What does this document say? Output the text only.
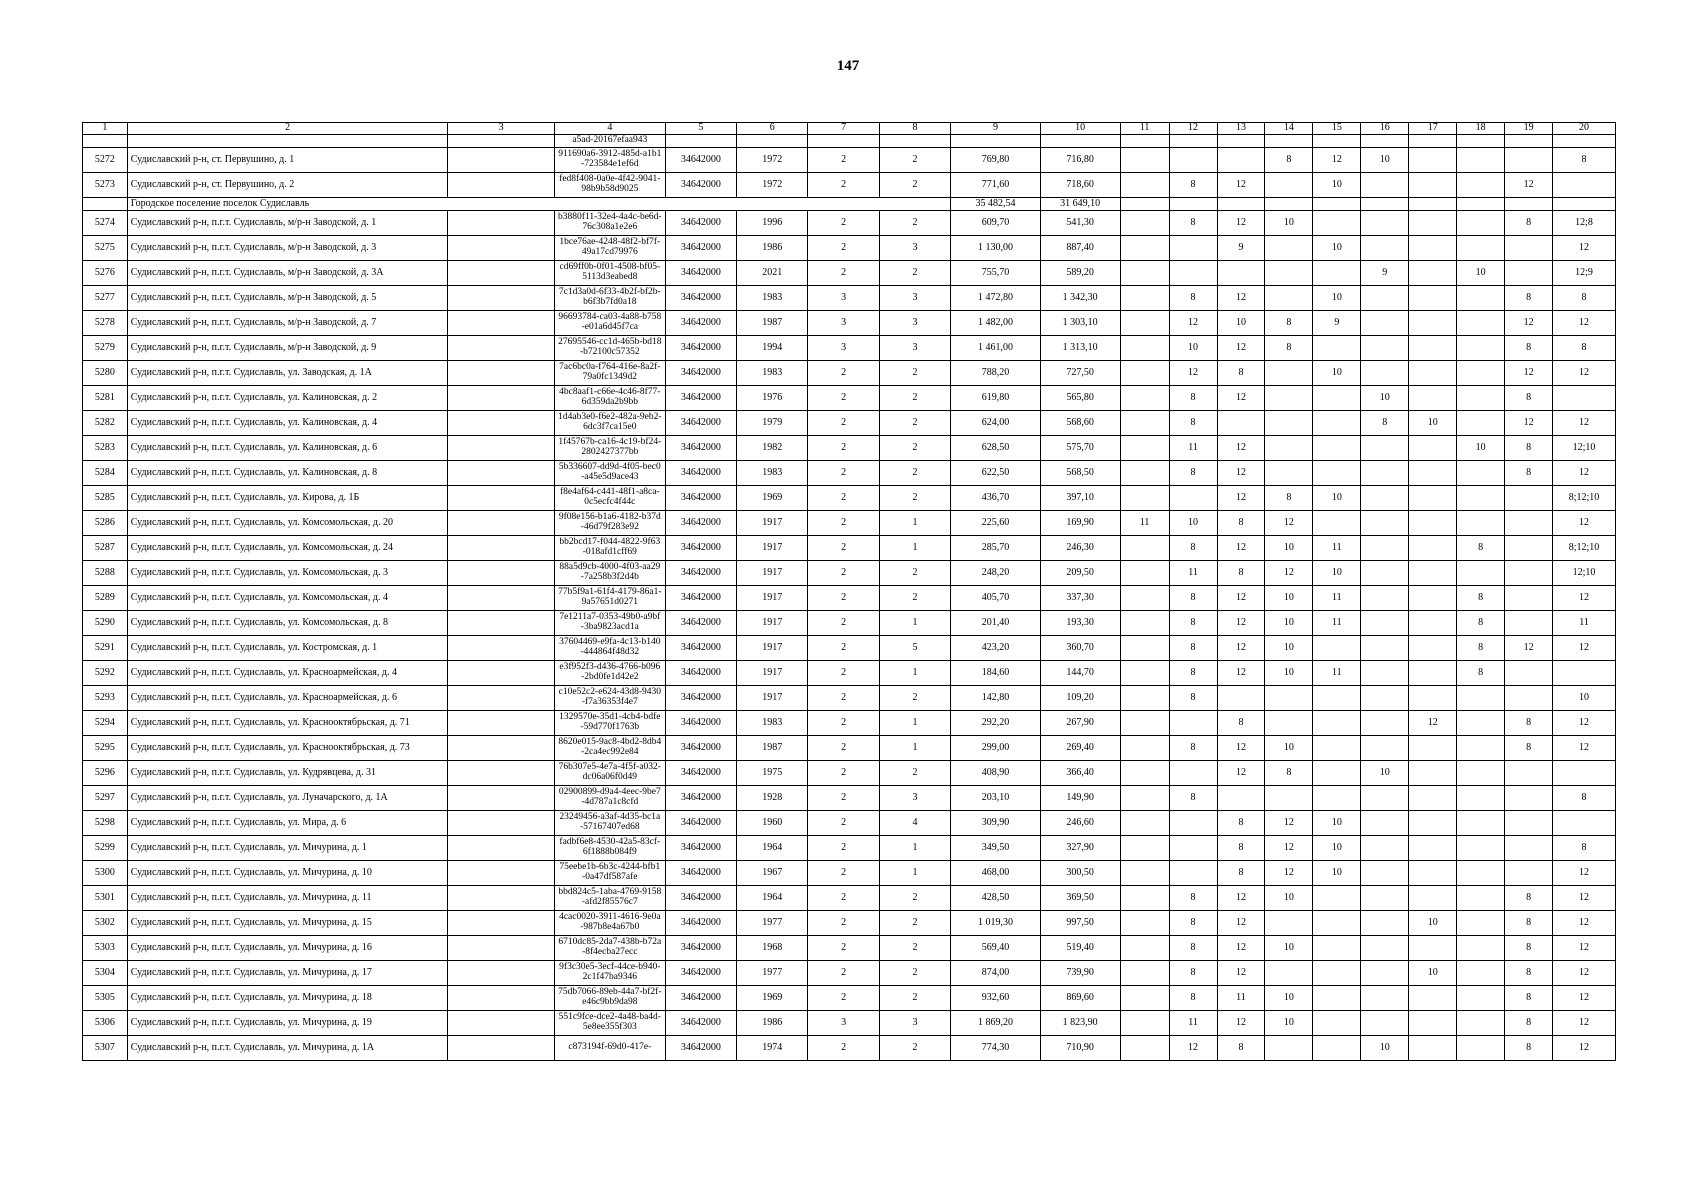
147
1	2	3	4	5	6	7	8	9	10	11	12	13	14	15	16	17	18	19	20
			a5ad-20167efaa943																
5272	Судиславский р-н, ст. Первушино, д. 1		911690a6-3912-485d-a1b1-723584e1ef6d	34642000	1972	2	2	769,80	716,80				8	12	10				8
5273	Судиславский р-н, ст. Первушино, д. 2		fed8f408-0a0e-4f42-9041-98b9b58d9025	34642000	1972	2	2	771,60	718,60		8	12		10				12	
	Городское поселение поселок Судиславль							35 482,54	31 649,10										
5274	Судиславский р-н, п.г.т. Судиславль, м/р-н Заводской, д. 1		b3880f11-32e4-4a4c-be6d-76c308a1e2e6	34642000	1996	2	2	609,70	541,30		8	12	10					8	12;8
5275	Судиславский р-н, п.г.т. Судиславль, м/р-н Заводской, д. 3		1bce76ae-4248-48f2-bf7f-49a17cd79976	34642000	1986	2	3	1 130,00	887,40			9		10					12
5276	Судиславский р-н, п.г.т. Судиславль, м/р-н Заводской, д. 3А		cd69ff0b-0f01-4508-bf05-5113d3eabed8	34642000	2021	2	2	755,70	589,20						9		10		12;9
5277	Судиславский р-н, п.г.т. Судиславль, м/р-н Заводской, д. 5		7c1d3a0d-6f33-4b2f-bf2b-b6f3b7fd0a18	34642000	1983	3	3	1 472,80	1 342,30		8	12		10				8	8
5278	Судиславский р-н, п.г.т. Судиславль, м/р-н Заводской, д. 7		96693784-ca03-4a88-b758-e01a6d45f7ca	34642000	1987	3	3	1 482,00	1 303,10		12	10	8	9				12	12
5279	Судиславский р-н, п.г.т. Судиславль, м/р-н Заводской, д. 9		27695546-cc1d-465b-bd18-b72100c57352	34642000	1994	3	3	1 461,00	1 313,10		10	12	8					8	8
5280	Судиславский р-н, п.г.т. Судиславль, ул. Заводская, д. 1А		7ac6bc0a-f764-416e-8a2f-79a0fc1349d2	34642000	1983	2	2	788,20	727,50		12	8		10				12	12
5281	Судиславский р-н, п.г.т. Судиславль, ул. Калиновская, д. 2		4bc8aaf1-c66e-4c46-8f77-6d359da2b9bb	34642000	1976	2	2	619,80	565,80		8	12			10			8	
5282	Судиславский р-н, п.г.т. Судиславль, ул. Калиновская, д. 4		1d4ab3e0-f6e2-482a-9eb2-6dc3f7ca15e0	34642000	1979	2	2	624,00	568,60		8				8	10		12	12
5283	Судиславский р-н, п.г.т. Судиславль, ул. Калиновская, д. 6		1f45767b-ca16-4c19-bf24-2802427377bb	34642000	1982	2	2	628,50	575,70		11	12					10	8	12;10
5284	Судиславский р-н, п.г.т. Судиславль, ул. Калиновская, д. 8		5b336607-dd9d-4f05-bec0-a45e5d9ace43	34642000	1983	2	2	622,50	568,50		8	12						8	12
5285	Судиславский р-н, п.г.т. Судиславль, ул. Кирова, д. 1Б		f8e4af64-c441-48f1-a8ca-0c5ecfc4f44c	34642000	1969	2	2	436,70	397,10			12	8	10					8;12;10
5286	Судиславский р-н, п.г.т. Судиславль, ул. Комсомольская, д. 20		9f08e156-b1a6-4182-b37d-46d79f283e92	34642000	1917	2	1	225,60	169,90	11	10	8	12						12
5287	Судиславский р-н, п.г.т. Судиславль, ул. Комсомольская, д. 24		bb2bcd17-f044-4822-9f63-018afd1cff69	34642000	1917	2	1	285,70	246,30		8	12	10	11			8		8;12;10
5288	Судиславский р-н, п.г.т. Судиславль, ул. Комсомольская, д. 3		88a5d9cb-4000-4f03-aa29-7a258b3f2d4b	34642000	1917	2	2	248,20	209,50		11	8	12	10					12;10
5289	Судиславский р-н, п.г.т. Судиславль, ул. Комсомольская, д. 4		77b5f9a1-61f4-4179-86a1-9a57651d0271	34642000	1917	2	2	405,70	337,30		8	12	10	11			8		12
5290	Судиславский р-н, п.г.т. Судиславль, ул. Комсомольская, д. 8		7e1211a7-0353-49b0-a9bf-3ba9823acd1a	34642000	1917	2	1	201,40	193,30		8	12	10	11			8		11
5291	Судиславский р-н, п.г.т. Судиславль, ул. Костромская, д. 1		37604469-e9fa-4c13-b140-444864f48d32	34642000	1917	2	5	423,20	360,70		8	12	10				8	12	12
5292	Судиславский р-н, п.г.т. Судиславль, ул. Красноармейская, д. 4		e3f952f3-d436-4766-b096-2bd0fe1d42e2	34642000	1917	2	1	184,60	144,70		8	12	10	11			8		
5293	Судиславский р-н, п.г.т. Судиславль, ул. Красноармейская, д. 6		c10e52c2-e624-43d8-9430-f7a36353f4e7	34642000	1917	2	2	142,80	109,20		8								10
5294	Судиславский р-н, п.г.т. Судиславль, ул. Краснооктябрьская, д. 71		1329570e-35d1-4cb4-bdfe-59d770f1763b	34642000	1983	2	1	292,20	267,90			8				12		8	12
5295	Судиславский р-н, п.г.т. Судиславль, ул. Краснооктябрьская, д. 73		8620e015-9ac8-4bd2-8db4-2ca4ec992e84	34642000	1987	2	1	299,00	269,40		8	12	10					8	12
5296	Судиславский р-н, п.г.т. Судиславль, ул. Кудрявцева, д. 31		76b307e5-4e7a-4f5f-a032-dc06a06f0d49	34642000	1975	2	2	408,90	366,40			12	8		10				
5297	Судиславский р-н, п.г.т. Судиславль, ул. Луначарского, д. 1А		02900899-d9a4-4eec-9be7-4d787a1c8cfd	34642000	1928	2	3	203,10	149,90		8								8
5298	Судиславский р-н, п.г.т. Судиславль, ул. Мира, д. 6		23249456-a3af-4d35-bc1a-57167407ed68	34642000	1960	2	4	309,90	246,60			8	12	10					
5299	Судиславский р-н, п.г.т. Судиславль, ул. Мичурина, д. 1		fadbf6e8-4530-42a5-83cf-6f1888b084f9	34642000	1964	2	1	349,50	327,90			8	12	10					8
5300	Судиславский р-н, п.г.т. Судиславль, ул. Мичурина, д. 10		75eebe1b-6b3c-4244-bfb1-0a47df587afe	34642000	1967	2	1	468,00	300,50			8	12	10					12
5301	Судиславский р-н, п.г.т. Судиславль, ул. Мичурина, д. 11		bbd824c5-1aba-4769-9158-afd2f85576c7	34642000	1964	2	2	428,50	369,50		8	12	10					8	12
5302	Судиславский р-н, п.г.т. Судиславль, ул. Мичурина, д. 15		4cac0020-3911-4616-9e0a-987b8e4a67b0	34642000	1977	2	2	1 019,30	997,50		8	12				10		8	12
5303	Судиславский р-н, п.г.т. Судиславль, ул. Мичурина, д. 16		6710dc85-2da7-438b-b72a-8f4ecba27ecc	34642000	1968	2	2	569,40	519,40		8	12	10					8	12
5304	Судиславский р-н, п.г.т. Судиславль, ул. Мичурина, д. 17		9f3c30e5-3ecf-44ce-b940-2c1f47ba9346	34642000	1977	2	2	874,00	739,90		8	12				10		8	12
5305	Судиславский р-н, п.г.т. Судиславль, ул. Мичурина, д. 18		75db7066-89eb-44a7-bf2f-e46c9bb9da98	34642000	1969	2	2	932,60	869,60		8	11	10					8	12
5306	Судиславский р-н, п.г.т. Судиславль, ул. Мичурина, д. 19		551c9fce-dce2-4a48-ba4d-5e8ee355f303	34642000	1986	3	3	1 869,20	1 823,90		11	12	10					8	12
5307	Судиславский р-н, п.г.т. Судиславль, ул. Мичурина, д. 1А		c873194f-69d0-417e-	34642000	1974	2	2	774,30	710,90		12	8			10			8	12
